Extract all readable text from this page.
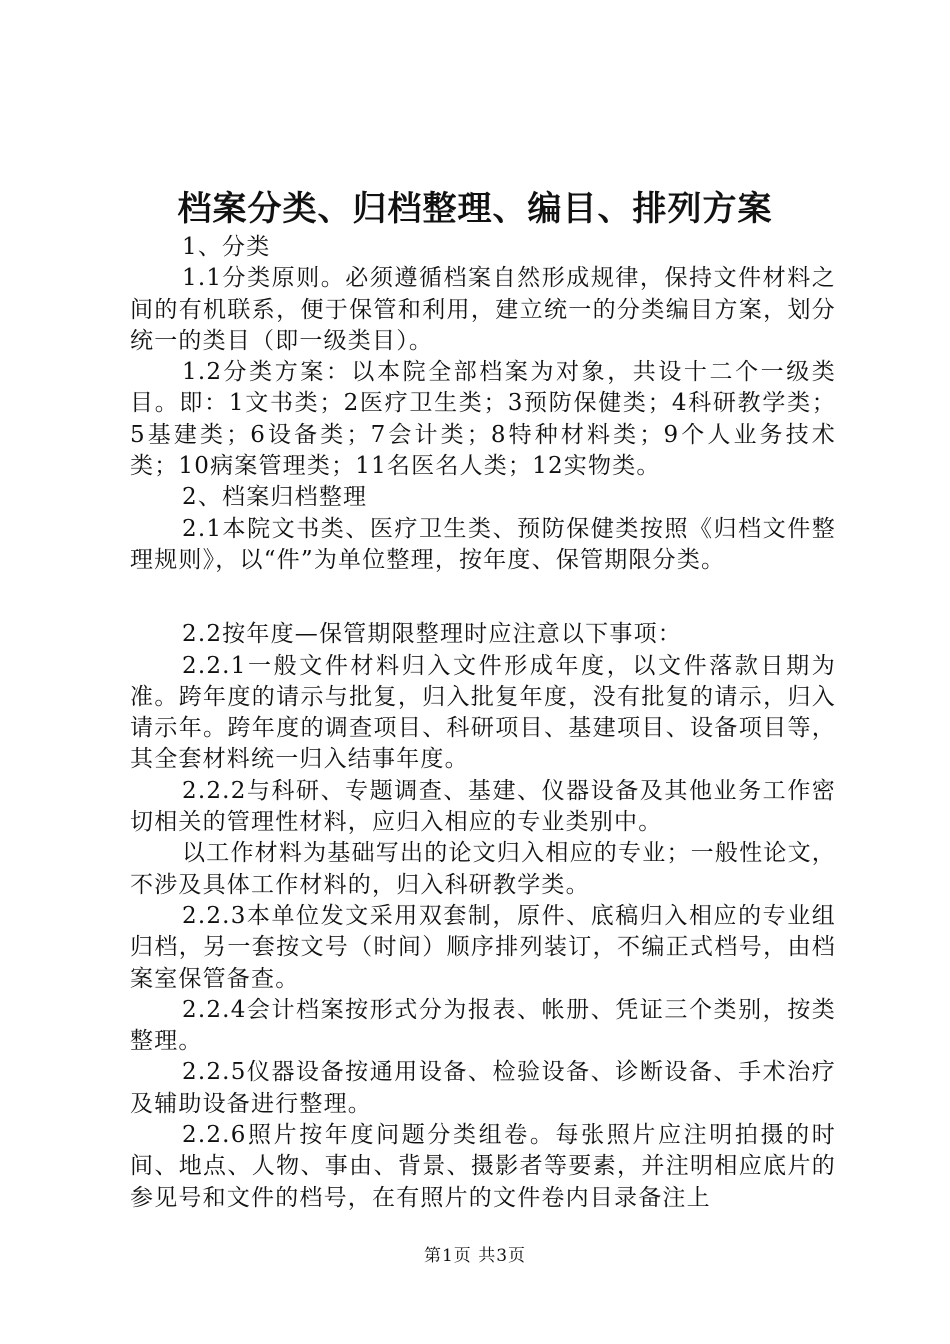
档案分类、归档整理、编目、排列方案

1、分类

1.1分类原则。必须遵循档案自然形成规律，保持文件材料之间的有机联系，便于保管和利用，建立统一的分类编目方案，划分统一的类目（即一级类目）。

1.2分类方案：以本院全部档案为对象，共设十二个一级类目。即：1文书类；2医疗卫生类；3预防保健类；4科研教学类；5基建类；6设备类；7会计类；8特种材料类；9个人业务技术类；10病案管理类；11名医名人类；12实物类。

2、档案归档整理

2.1本院文书类、医疗卫生类、预防保健类按照《归档文件整理规则》，以“件”为单位整理，按年度、保管期限分类。

2.2按年度—保管期限整理时应注意以下事项：

2.2.1一般文件材料归入文件形成年度，以文件落款日期为准。跨年度的请示与批复，归入批复年度，没有批复的请示，归入请示年。跨年度的调查项目、科研项目、基建项目、设备项目等，其全套材料统一归入结事年度。

2.2.2与科研、专题调查、基建、仪器设备及其他业务工作密切相关的管理性材料，应归入相应的专业类别中。

以工作材料为基础写出的论文归入相应的专业；一般性论文，不涉及具体工作材料的，归入科研教学类。

2.2.3本单位发文采用双套制，原件、底稿归入相应的专业组归档，另一套按文号（时间）顺序排列装订，不编正式档号，由档案室保管备查。

2.2.4会计档案按形式分为报表、帐册、凭证三个类别，按类整理。

2.2.5仪器设备按通用设备、检验设备、诊断设备、手术治疗及辅助设备进行整理。

2.2.6照片按年度问题分类组卷。每张照片应注明拍摄的时间、地点、人物、事由、背景、摄影者等要素，并注明相应底片的参见号和文件的档号，在有照片的文件卷内目录备注上

第1页 共3页
